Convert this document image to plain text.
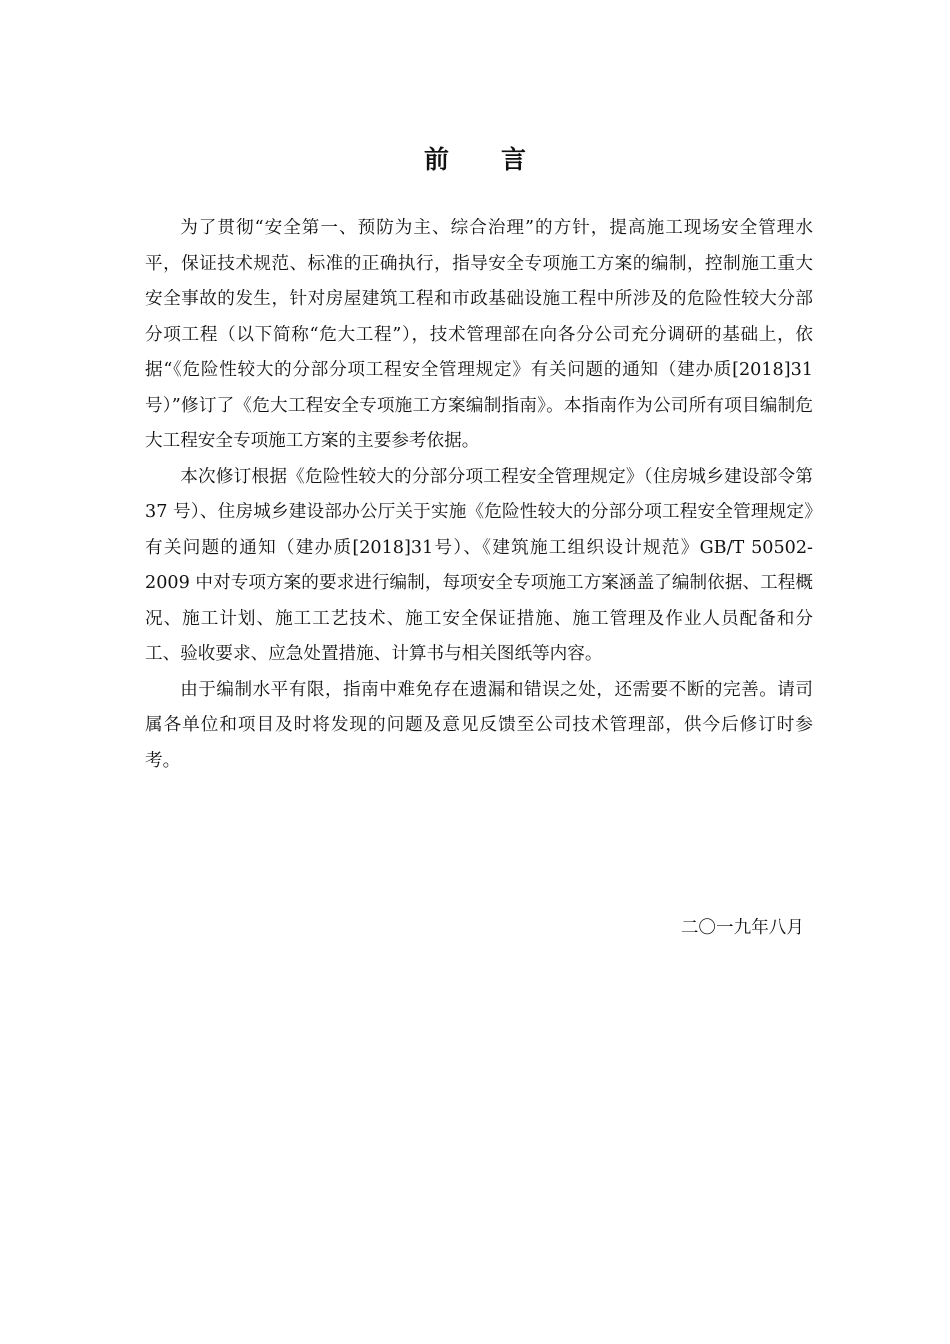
前 言

为了贯彻“安全第一、预防为主、综合治理”的方针，提高施工现场安全管理水平，保证技术规范、标准的正确执行，指导安全专项施工方案的编制，控制施工重大安全事故的发生，针对房屋建筑工程和市政基础设施工程中所涉及的危险性较大分部分项工程（以下简称“危大工程”），技术管理部在向各分公司充分调研的基础上，依据“《危险性较大的分部分项工程安全管理规定》有关问题的通知（建办质[2018]31号）”修订了《危大工程安全专项施工方案编制指南》。本指南作为公司所有项目编制危大工程安全专项施工方案的主要参考依据。

本次修订根据《危险性较大的分部分项工程安全管理规定》（住房城乡建设部令第 37 号）、住房城乡建设部办公厅关于实施《危险性较大的分部分项工程安全管理规定》有关问题的通知（建办质[2018]31号）、《建筑施工组织设计规范》GB/T 50502-2009 中对专项方案的要求进行编制，每项安全专项施工方案涵盖了编制依据、工程概况、施工计划、施工工艺技术、施工安全保证措施、施工管理及作业人员配备和分工、验收要求、应急处置措施、计算书与相关图纸等内容。

由于编制水平有限，指南中难免存在遗漏和错误之处，还需要不断的完善。请司属各单位和项目及时将发现的问题及意见反馈至公司技术管理部，供今后修订时参考。

二〇一九年八月
